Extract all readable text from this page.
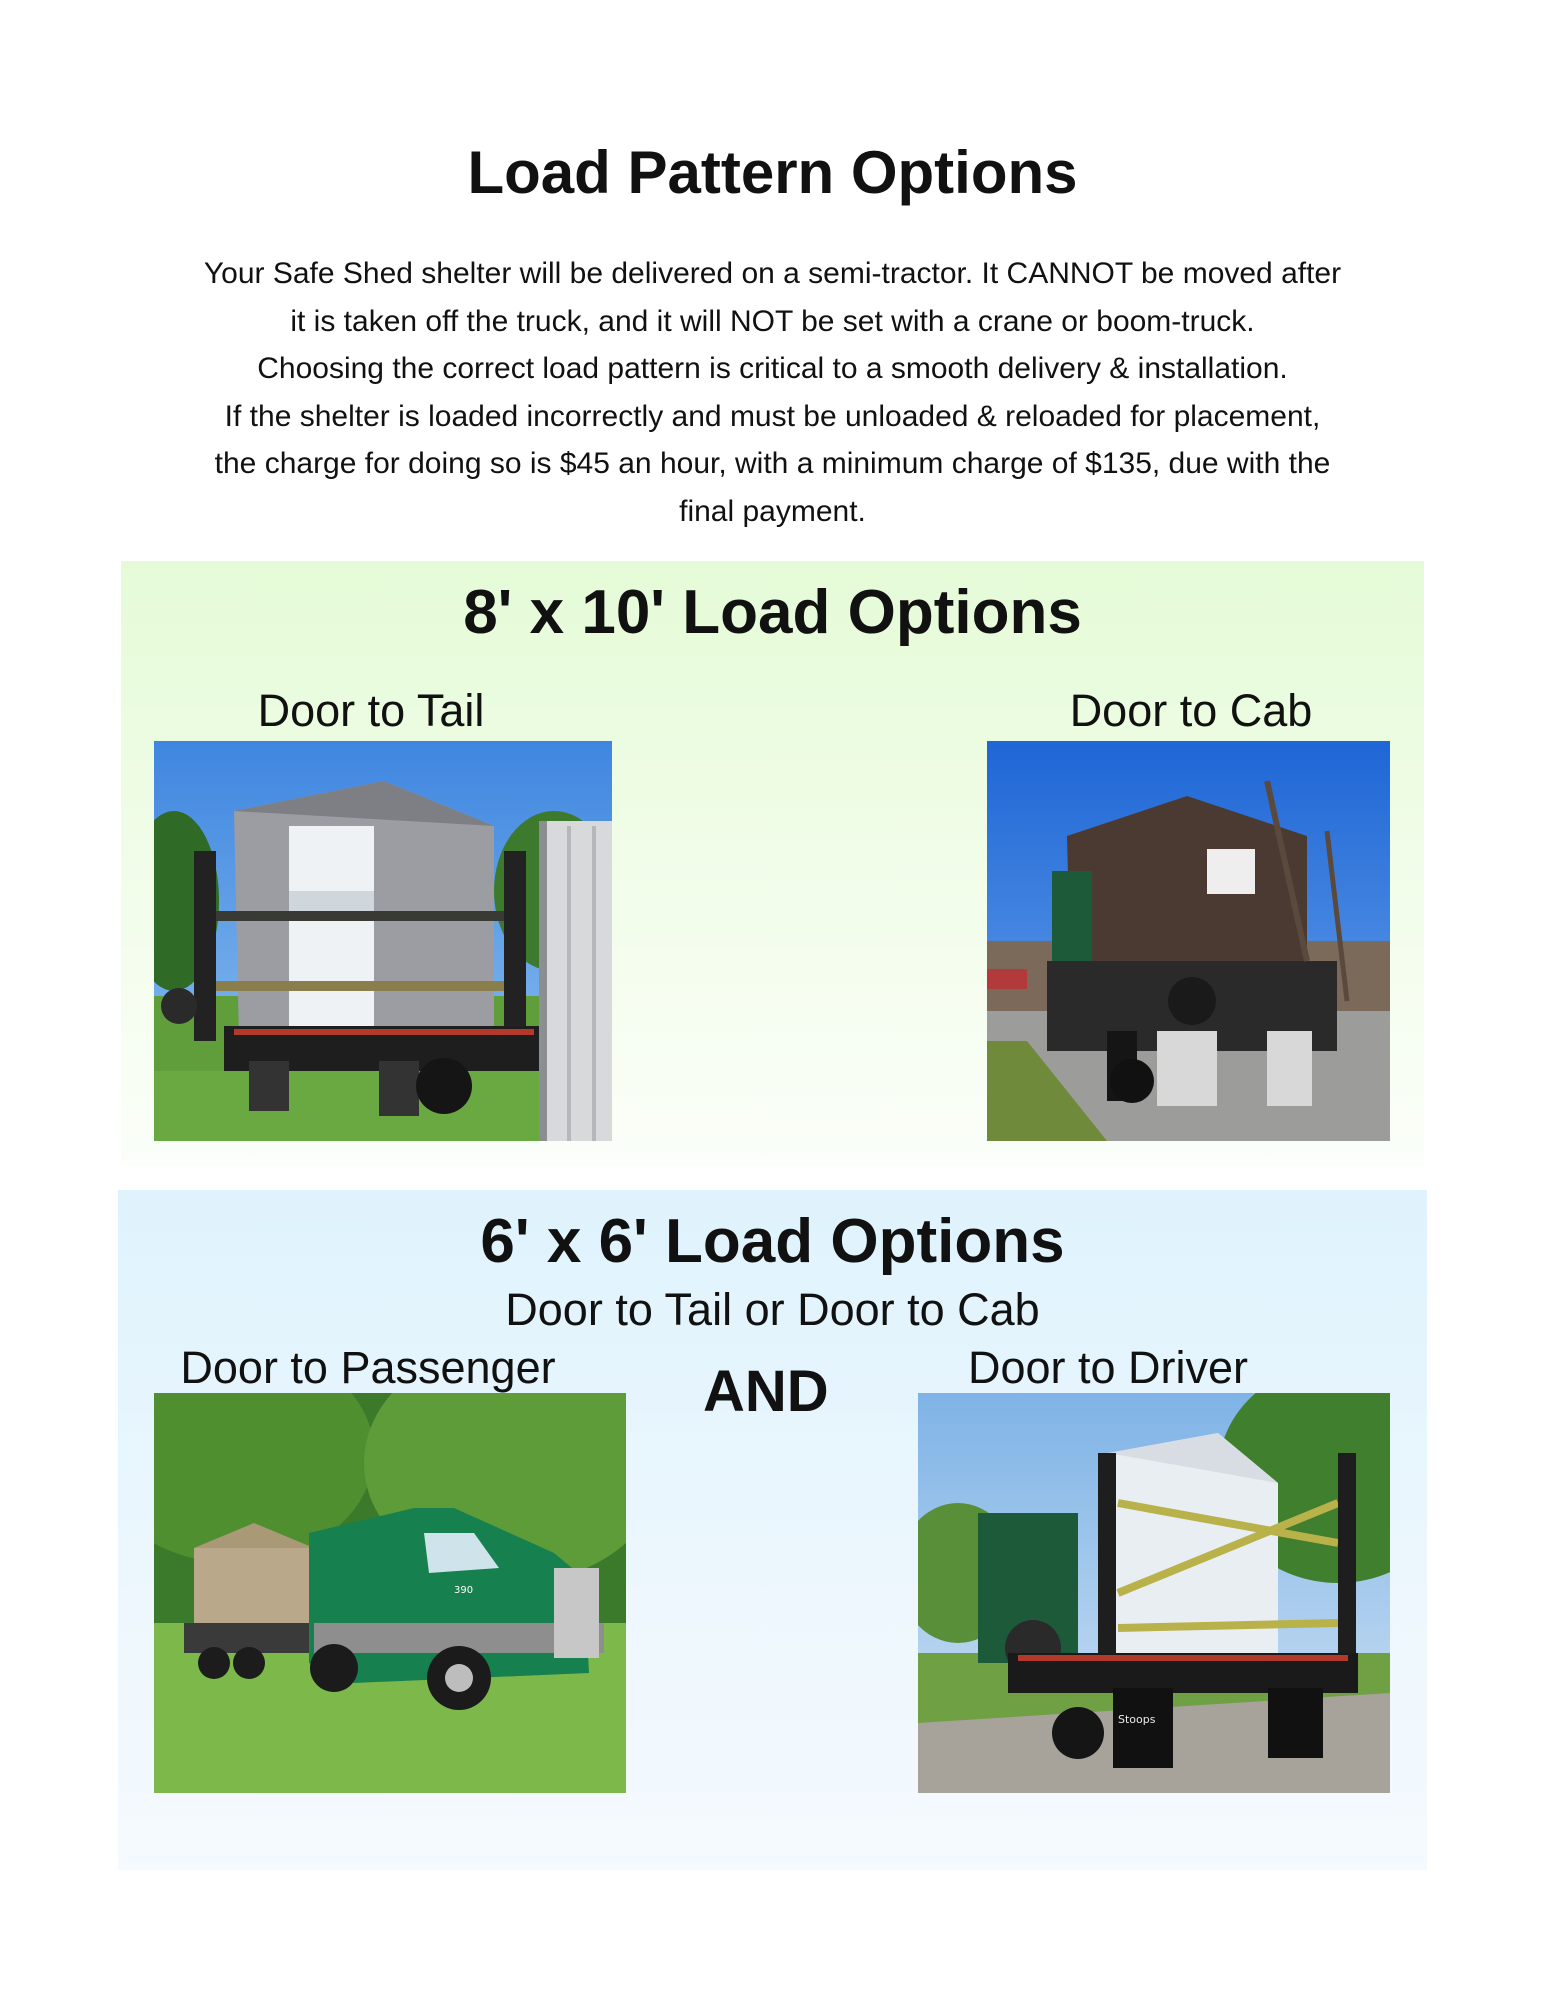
Load Pattern Options
Your Safe Shed shelter will be delivered on a semi-tractor. It CANNOT be moved after
it is taken off the truck, and it will NOT be set with a crane or boom-truck.
Choosing the correct load pattern is critical to a smooth delivery & installation.
If the shelter is loaded incorrectly and must be unloaded & reloaded for placement,
the charge for doing so is $45 an hour, with a minimum charge of $135, due with the
final payment.
8' x 10' Load Options
Door to Tail	Door to Cab
6' x 6' Load Options
Door to Tail or Door to Cab
Door to Passenger	AND	Door to Driver
390
Stoops
